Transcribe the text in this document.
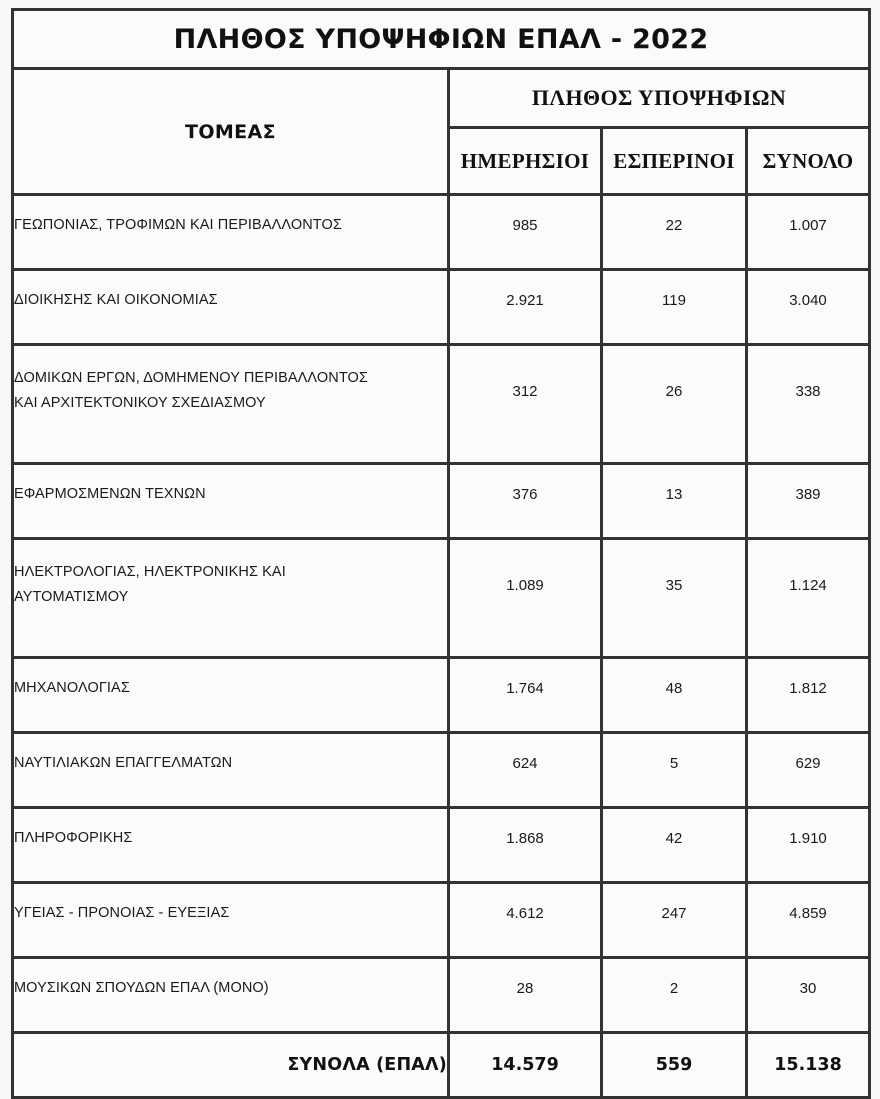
ΠΛΗΘΟΣ ΥΠΟΨΗΦΙΩΝ ΕΠΑΛ - 2022			
ΤΟΜΕΑΣ	ΠΛΗΘΟΣ ΥΠΟΨΗΦΙΩΝ		
	ΗΜΕΡΗΣΙΟΙ	ΕΣΠΕΡΙΝΟΙ	ΣΥΝΟΛΟ
ΓΕΩΠΟΝΙΑΣ, ΤΡΟΦΙΜΩΝ ΚΑΙ ΠΕΡΙΒΑΛΛΟΝΤΟΣ	985	22	1.007
ΔΙΟΙΚΗΣΗΣ ΚΑΙ ΟΙΚΟΝΟΜΙΑΣ	2.921	119	3.040
ΔΟΜΙΚΩΝ ΕΡΓΩΝ, ΔΟΜΗΜΕΝΟΥ ΠΕΡΙΒΑΛΛΟΝΤΟΣ
ΚΑΙ ΑΡΧΙΤΕΚΤΟΝΙΚΟΥ ΣΧΕΔΙΑΣΜΟΥ	312	26	338
ΕΦΑΡΜΟΣΜΕΝΩΝ ΤΕΧΝΩΝ	376	13	389
ΗΛΕΚΤΡΟΛΟΓΙΑΣ, ΗΛΕΚΤΡΟΝΙΚΗΣ ΚΑΙ
ΑΥΤΟΜΑΤΙΣΜΟΥ	1.089	35	1.124
ΜΗΧΑΝΟΛΟΓΙΑΣ	1.764	48	1.812
ΝΑΥΤΙΛΙΑΚΩΝ ΕΠΑΓΓΕΛΜΑΤΩΝ	624	5	629
ΠΛΗΡΟΦΟΡΙΚΗΣ	1.868	42	1.910
ΥΓΕΙΑΣ - ΠΡΟΝΟΙΑΣ - ΕΥΕΞΙΑΣ	4.612	247	4.859
ΜΟΥΣΙΚΩΝ ΣΠΟΥΔΩΝ ΕΠΑΛ (ΜΟΝΟ)	28	2	30
ΣΥΝΟΛΑ (ΕΠΑΛ)	14.579	559	15.138
